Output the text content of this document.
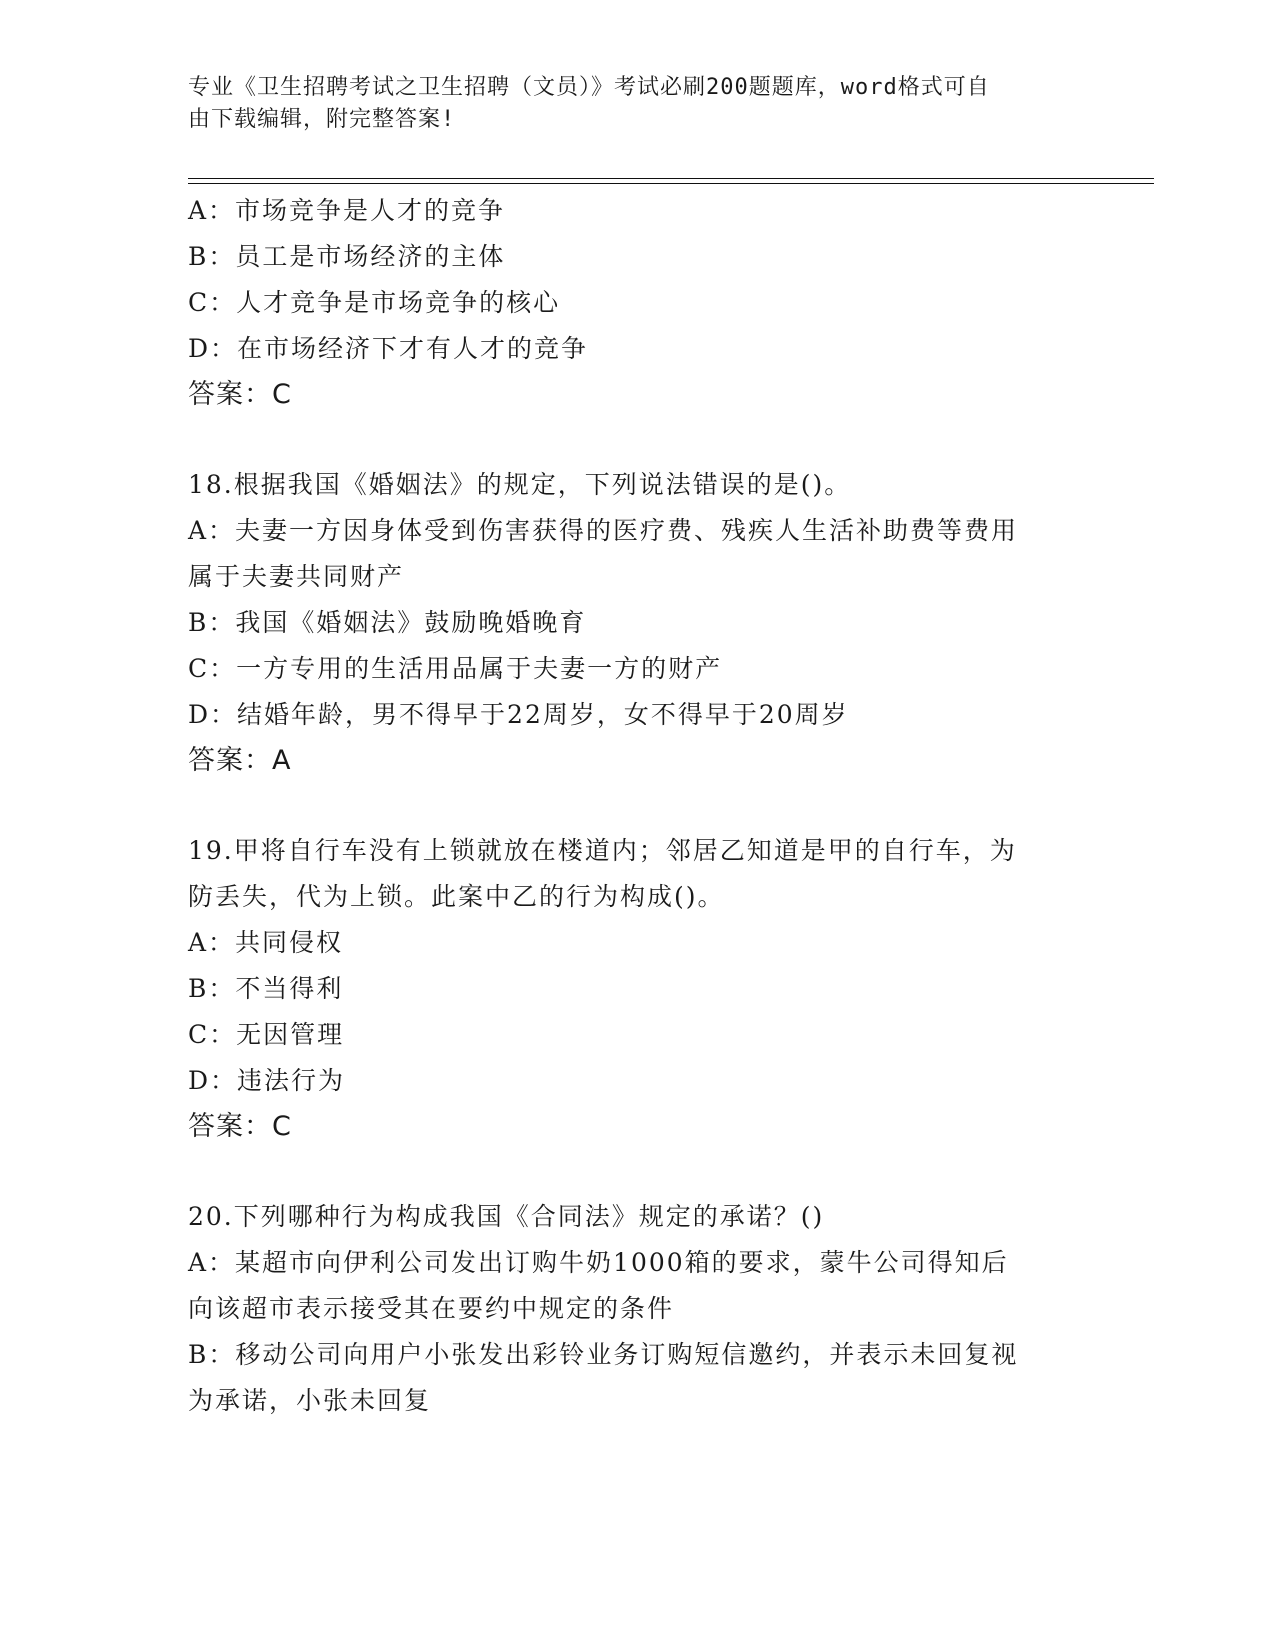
专业《卫生招聘考试之卫生招聘（文员）》考试必刷200题题库，word格式可自
由下载编辑，附完整答案!
A：市场竞争是人才的竞争
B：员工是市场经济的主体
C：人才竞争是市场竞争的核心
D：在市场经济下才有人才的竞争
答案：C
18.根据我国《婚姻法》的规定，下列说法错误的是()。
A：夫妻一方因身体受到伤害获得的医疗费、残疾人生活补助费等费用
属于夫妻共同财产
B：我国《婚姻法》鼓励晚婚晚育
C：一方专用的生活用品属于夫妻一方的财产
D：结婚年龄，男不得早于22周岁，女不得早于20周岁
答案：A
19.甲将自行车没有上锁就放在楼道内；邻居乙知道是甲的自行车，为
防丢失，代为上锁。此案中乙的行为构成()。
A：共同侵权
B：不当得利
C：无因管理
D：违法行为
答案：C
20.下列哪种行为构成我国《合同法》规定的承诺？()
A：某超市向伊利公司发出订购牛奶1000箱的要求，蒙牛公司得知后
向该超市表示接受其在要约中规定的条件
B：移动公司向用户小张发出彩铃业务订购短信邀约，并表示未回复视
为承诺，小张未回复
